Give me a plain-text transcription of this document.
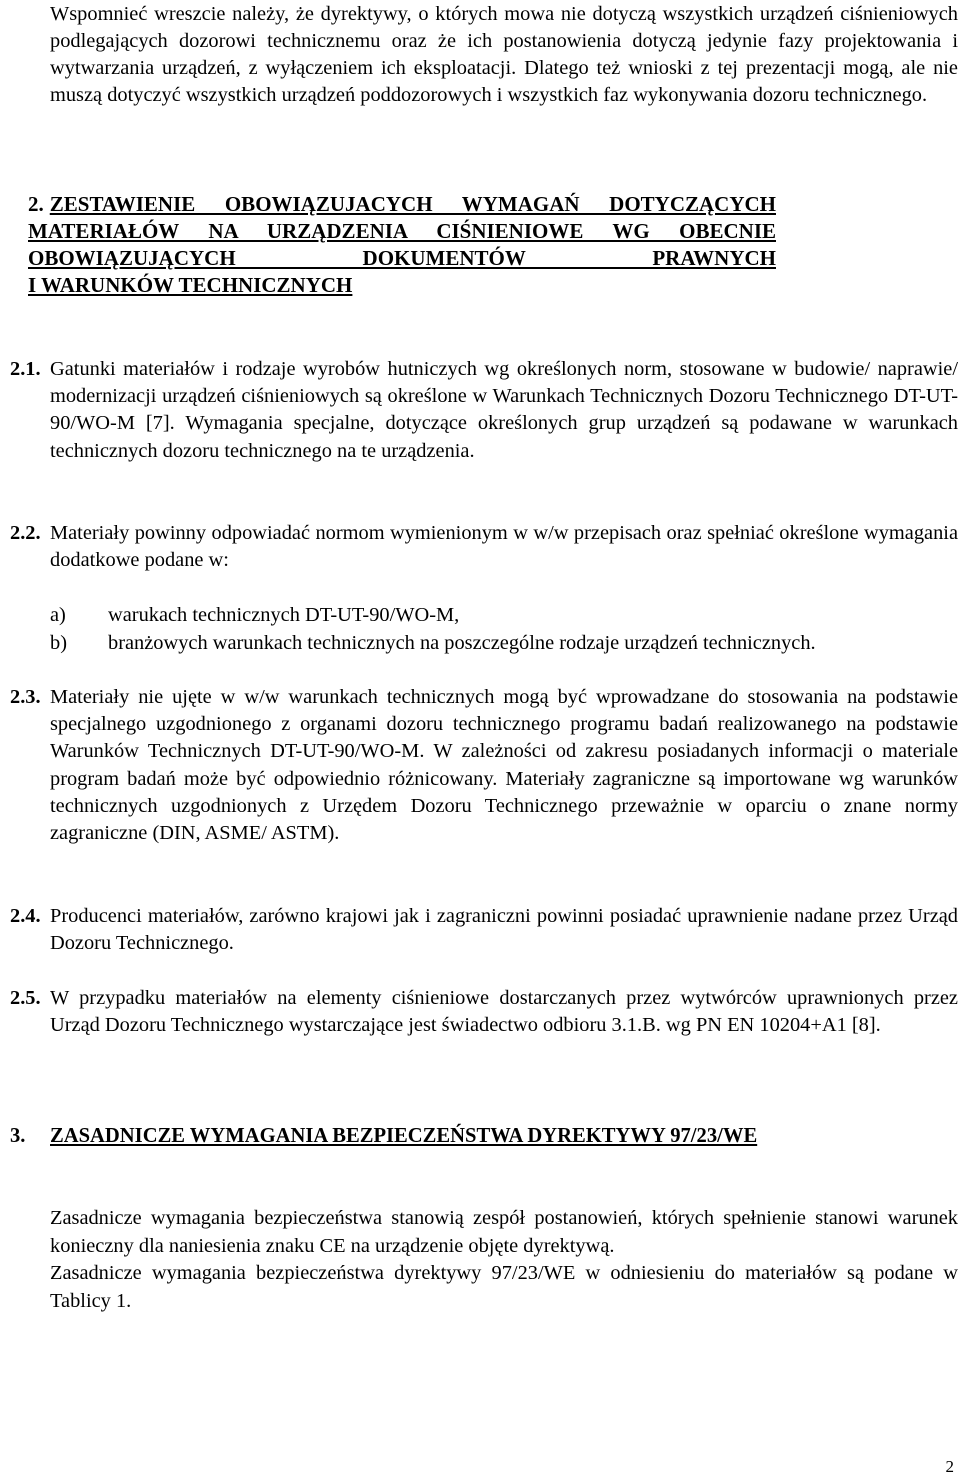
Wspomnieć wreszcie należy, że dyrektywy, o których mowa nie dotyczą wszystkich urządzeń ciśnieniowych podlegających dozorowi technicznemu oraz że ich postanowienia dotyczą jedynie fazy projektowania i wytwarzania urządzeń, z wyłączeniem ich eksploatacji. Dlatego też wnioski z tej prezentacji mogą, ale nie muszą dotyczyć wszystkich urządzeń poddozorowych i wszystkich faz wykonywania dozoru technicznego.

2. ZESTAWIENIE OBOWIĄZUJACYCH WYMAGAŃ DOTYCZĄCYCH
MATERIAŁÓW NA URZĄDZENIA CIŚNIENIOWE WG OBECNIE
OBOWIĄZUJĄCYCH DOKUMENTÓW PRAWNYCH
I WARUNKÓW TECHNICZNYCH
2.1. Gatunki materiałów i rodzaje wyrobów hutniczych wg określonych norm, stosowane w budowie/ naprawie/ modernizacji urządzeń ciśnieniowych są określone w Warunkach Technicznych Dozoru Technicznego DT-UT-90/WO-M [7]. Wymagania specjalne, dotyczące określonych grup urządzeń są podawane w warunkach technicznych dozoru technicznego na te urządzenia.
2.2. Materiały powinny odpowiadać normom wymienionym w w/w przepisach oraz spełniać określone wymagania dodatkowe podane w:
a) warukach technicznych DT-UT-90/WO-M,
b) branżowych warunkach technicznych na poszczególne rodzaje urządzeń technicznych.
2.3. Materiały nie ujęte w w/w warunkach technicznych mogą być wprowadzane do stosowania na podstawie specjalnego uzgodnionego z organami dozoru technicznego programu badań realizowanego na podstawie Warunków Technicznych DT-UT-90/WO-M. W zależności od zakresu posiadanych informacji o materiale program badań może być odpowiednio różnicowany. Materiały zagraniczne są importowane wg warunków technicznych uzgodnionych z Urzędem Dozoru Technicznego przeważnie w oparciu o znane normy zagraniczne (DIN, ASME/ ASTM).
2.4. Producenci materiałów, zarówno krajowi jak i zagraniczni powinni posiadać uprawnienie nadane przez Urząd Dozoru Technicznego.
2.5. W przypadku materiałów na elementy ciśnieniowe dostarczanych przez wytwórców uprawnionych przez Urząd Dozoru Technicznego wystarczające jest świadectwo odbioru 3.1.B. wg PN EN 10204+A1 [8].
3. ZASADNICZE WYMAGANIA BEZPIECZEŃSTWA DYREKTYWY 97/23/WE
Zasadnicze wymagania bezpieczeństwa stanowią zespół postanowień, których spełnienie stanowi warunek konieczny dla naniesienia znaku CE na urządzenie objęte dyrektywą.
Zasadnicze wymagania bezpieczeństwa dyrektywy 97/23/WE w odniesieniu do materiałów są podane w Tablicy 1.
2
